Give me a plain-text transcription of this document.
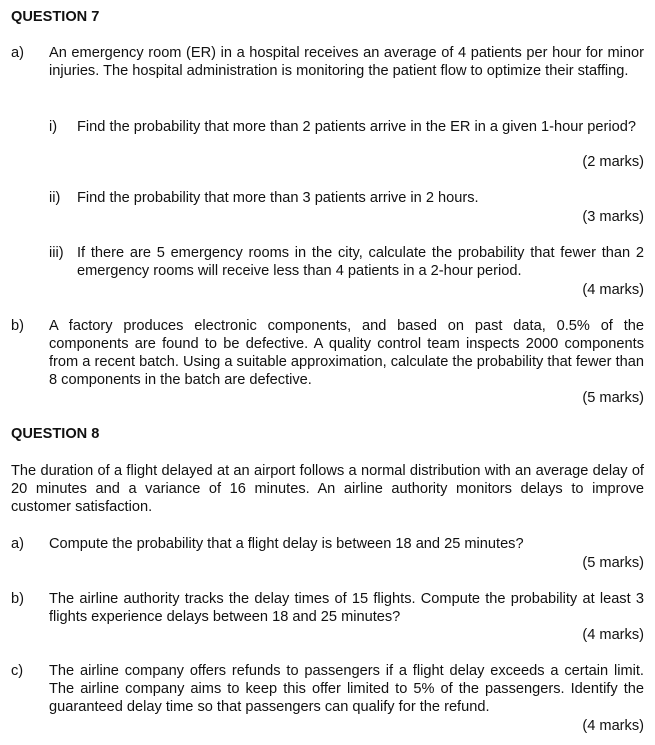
QUESTION 7
a) An emergency room (ER) in a hospital receives an average of 4 patients per hour for minor injuries. The hospital administration is monitoring the patient flow to optimize their staffing.
i) Find the probability that more than 2 patients arrive in the ER in a given 1-hour period?
(2 marks)
ii) Find the probability that more than 3 patients arrive in 2 hours.
(3 marks)
iii) If there are 5 emergency rooms in the city, calculate the probability that fewer than 2 emergency rooms will receive less than 4 patients in a 2-hour period.
(4 marks)
b) A factory produces electronic components, and based on past data, 0.5% of the components are found to be defective. A quality control team inspects 2000 components from a recent batch. Using a suitable approximation, calculate the probability that fewer than 8 components in the batch are defective.
(5 marks)
QUESTION 8
The duration of a flight delayed at an airport follows a normal distribution with an average delay of 20 minutes and a variance of 16 minutes. An airline authority monitors delays to improve customer satisfaction.
a) Compute the probability that a flight delay is between 18 and 25 minutes?
(5 marks)
b) The airline authority tracks the delay times of 15 flights. Compute the probability at least 3 flights experience delays between 18 and 25 minutes?
(4 marks)
c) The airline company offers refunds to passengers if a flight delay exceeds a certain limit. The airline company aims to keep this offer limited to 5% of the passengers. Identify the guaranteed delay time so that passengers can qualify for the refund.
(4 marks)
